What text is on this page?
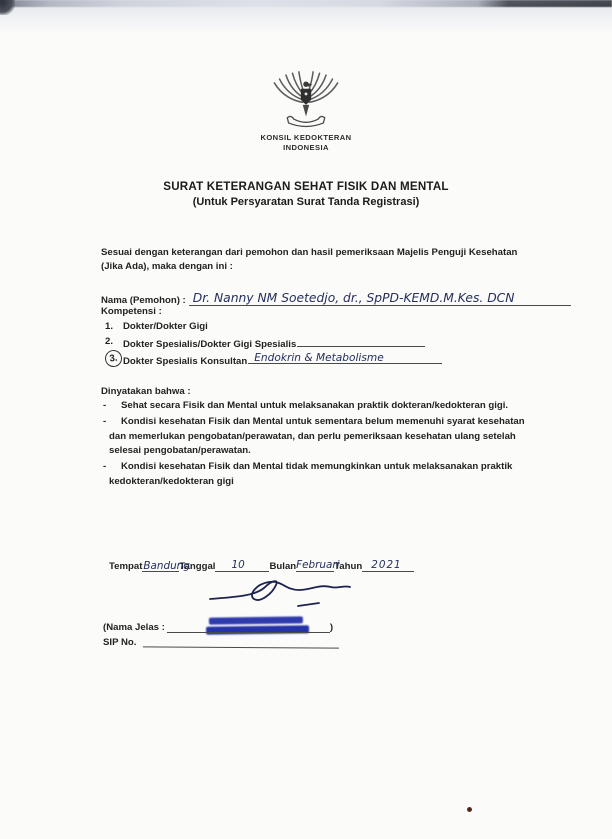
KONSIL KEDOKTERAN
INDONESIA
SURAT KETERANGAN SEHAT FISIK DAN MENTAL
(Untuk Persyaratan Surat Tanda Registrasi)

Sesuai dengan keterangan dari pemohon dan hasil pemeriksaan Majelis Penguji Kesehatan (Jika Ada), maka dengan ini :

Nama (Pemohon) : Dr. Nanny NM Soetedjo, dr., SpPD-KEMD.M.Kes. DCN
Kompetensi :
1. Dokter/Dokter Gigi
2. Dokter Spesialis/Dokter Gigi Spesialis
3. Dokter Spesialis Konsultan Endokrin & Metabolisme
Dinyatakan bahwa :
- Sehat secara Fisik dan Mental untuk melaksanakan praktik dokteran/kedokteran gigi.
- Kondisi kesehatan Fisik dan Mental untuk sementara belum memenuhi syarat kesehatan dan memerlukan pengobatan/perawatan, dan perlu pemeriksaan kesehatan ulang setelah selesai pengobatan/perawatan.
- Kondisi kesehatan Fisik dan Mental tidak memungkinkan untuk melaksanakan praktik kedokteran/kedokteran gigi
Tempat Bandung
Tanggal 10	Bulan Februari
Tahun 2021
(Nama Jelas :	)
SIP No.
